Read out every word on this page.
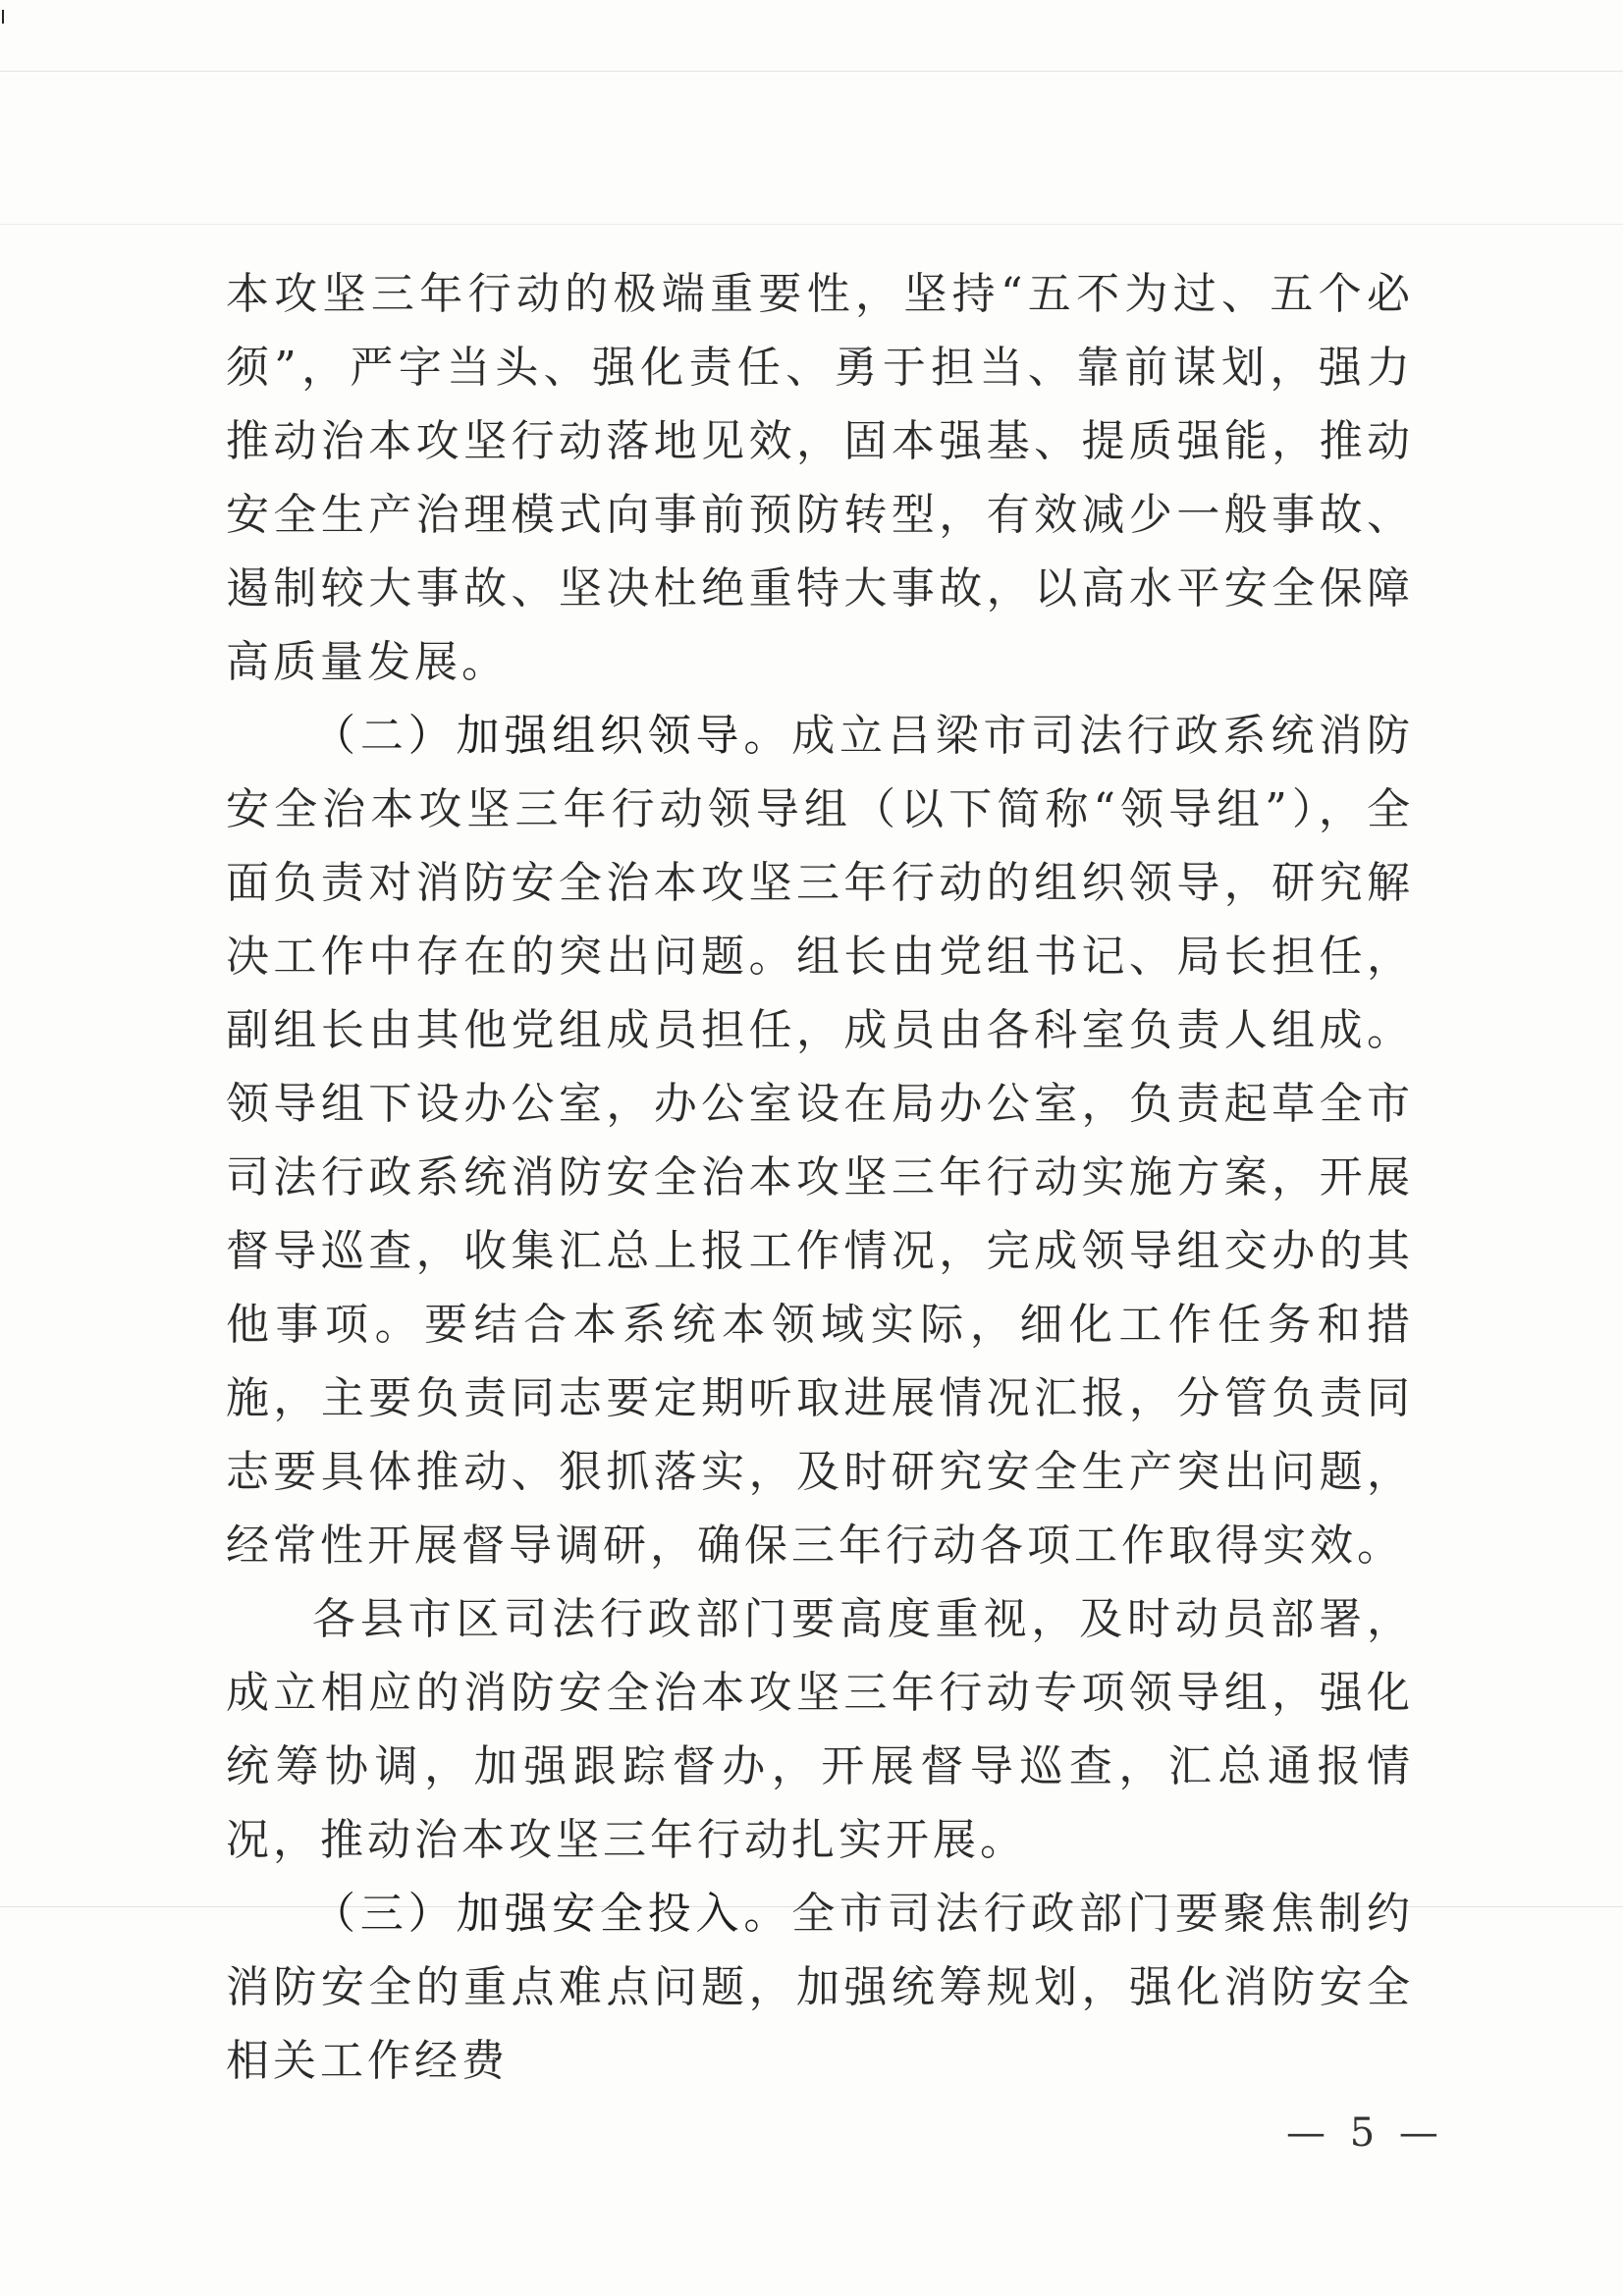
本攻坚三年行动的极端重要性，坚持“五不为过、五个必须”，严字当头、强化责任、勇于担当、靠前谋划，强力推动治本攻坚行动落地见效，固本强基、提质强能，推动安全生产治理模式向事前预防转型，有效减少一般事故、遏制较大事故、坚决杜绝重特大事故，以高水平安全保障高质量发展。

（二）加强组织领导。成立吕梁市司法行政系统消防安全治本攻坚三年行动领导组（以下简称“领导组”），全面负责对消防安全治本攻坚三年行动的组织领导，研究解决工作中存在的突出问题。组长由党组书记、局长担任，副组长由其他党组成员担任，成员由各科室负责人组成。领导组下设办公室，办公室设在局办公室，负责起草全市司法行政系统消防安全治本攻坚三年行动实施方案，开展督导巡查，收集汇总上报工作情况，完成领导组交办的其他事项。要结合本系统本领域实际，细化工作任务和措施，主要负责同志要定期听取进展情况汇报，分管负责同志要具体推动、狠抓落实，及时研究安全生产突出问题，经常性开展督导调研，确保三年行动各项工作取得实效。

各县市区司法行政部门要高度重视，及时动员部署，成立相应的消防安全治本攻坚三年行动专项领导组，强化统筹协调，加强跟踪督办，开展督导巡查，汇总通报情况，推动治本攻坚三年行动扎实开展。

（三）加强安全投入。全市司法行政部门要聚焦制约消防安全的重点难点问题，加强统筹规划，强化消防安全相关工作经费

— 5 —
